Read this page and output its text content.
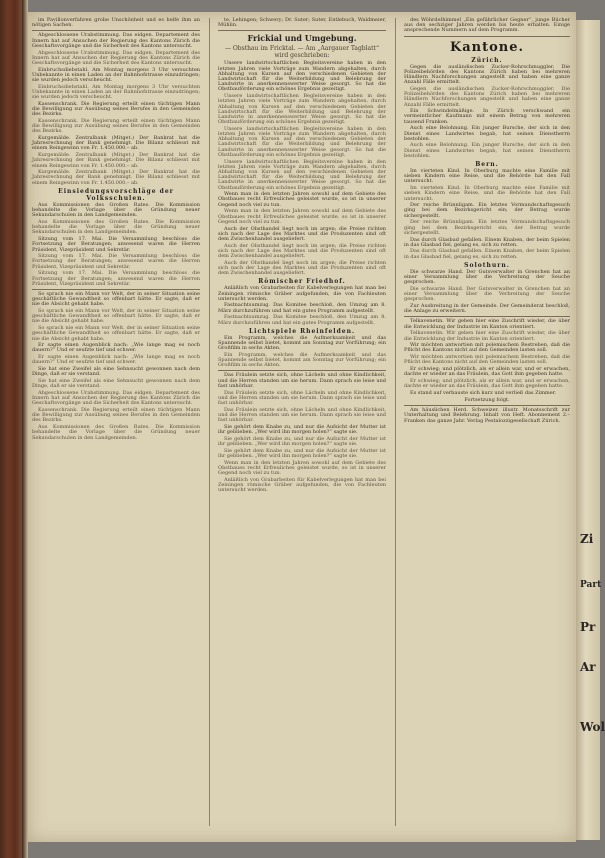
im Pavillonverfahren grobe Unschönheit und es helfe ihm an nötigen Sachen.

Abgeschlossene Urabstimmung. Das eidgen. Departement des Innern hat auf Ansuchen der Regierung des Kantons Zürich die Geschaftsvorgänge und die Sicherheit des Kantons untersucht.

Abgeschlossene Urabstimmung. Das eidgen. Departement des Innern hat auf Ansuchen der Regierung des Kantons Zürich die Geschaftsvorgänge und die Sicherheit des Kantons untersucht.

Einbruchsdiebstahl. Am Montag morgens 3 Uhr versuchten Unbekannte in einen Laden an der Bahnhofstrasse einzudringen; sie wurden jedoch verscheucht.

Einbruchsdiebstahl. Am Montag morgens 3 Uhr versuchten Unbekannte in einen Laden an der Bahnhofstrasse einzudringen; sie wurden jedoch verscheucht.

Kassenschrank. Die Regierung erteilt einen tüchtigen Mann die Bewilligung zur Ausübung seines Berufes in den Gemeinden des Bezirks.

Kassenschrank. Die Regierung erteilt einen tüchtigen Mann die Bewilligung zur Ausübung seines Berufes in den Gemeinden des Bezirks.

Kurgemälde. Zentralbank (Mitget.) Der Bankrat hat die Jahresrechnung der Bank genehmigt. Die Bilanz schliesst mit einem Reingewinn von Fr. 1.450.000.– ab.

Kurgemälde. Zentralbank (Mitget.) Der Bankrat hat die Jahresrechnung der Bank genehmigt. Die Bilanz schliesst mit einem Reingewinn von Fr. 1.450.000.– ab.

Kurgemälde. Zentralbank (Mitget.) Der Bankrat hat die Jahresrechnung der Bank genehmigt. Die Bilanz schliesst mit einem Reingewinn von Fr. 1.450.000.– ab.

Einsiedungsvorschläge der Volksschulen.

Aus Kommissionen des Großen Rates. Die Kommission behandelte die Vorlage über die Gründung neuer Sekundarschulen in den Landgemeinden.

Aus Kommissionen des Großen Rates. Die Kommission behandelte die Vorlage über die Gründung neuer Sekundarschulen in den Landgemeinden.

Sitzung vom 17. Mai. Die Versammlung beschloss die Fortsetzung der Beratungen; anwesend waren die Herren Präsident, Vizepräsident und Sekretär.

Sitzung vom 17. Mai. Die Versammlung beschloss die Fortsetzung der Beratungen; anwesend waren die Herren Präsident, Vizepräsident und Sekretär.

Sitzung vom 17. Mai. Die Versammlung beschloss die Fortsetzung der Beratungen; anwesend waren die Herren Präsident, Vizepräsident und Sekretär.

So sprach nie ein Mann vor Welt, der in seiner Situation seine geschäftliche Gewandtheit so offenbart hätte. Er sagte, daß er nie die Absicht gehabt habe.

So sprach nie ein Mann vor Welt, der in seiner Situation seine geschäftliche Gewandtheit so offenbart hätte. Er sagte, daß er nie die Absicht gehabt habe.

So sprach nie ein Mann vor Welt, der in seiner Situation seine geschäftliche Gewandtheit so offenbart hätte. Er sagte, daß er nie die Absicht gehabt habe.

Er sagte einen Augenblick nach: „Wie lange mag es noch dauern?“ Und er seufzte tief und schwer.

Er sagte einen Augenblick nach: „Wie lange mag es noch dauern?“ Und er seufzte tief und schwer.

Sie hat eine Zweifel als eine Sehnsucht gewonnen nach dem Dinge, daß er sie verstand.

Sie hat eine Zweifel als eine Sehnsucht gewonnen nach dem Dinge, daß er sie verstand.

Abgeschlossene Urabstimmung. Das eidgen. Departement des Innern hat auf Ansuchen der Regierung des Kantons Zürich die Geschaftsvorgänge und die Sicherheit des Kantons untersucht.

Kassenschrank. Die Regierung erteilt einen tüchtigen Mann die Bewilligung zur Ausübung seines Berufes in den Gemeinden des Bezirks.

Aus Kommissionen des Großen Rates. Die Kommission behandelte die Vorlage über die Gründung neuer Sekundarschulen in den Landgemeinden.

te, Lehingen; Schwery; Dr. Suter; Suter, Entlebuch, Waldmeier, Mühlin.

Frickial und Umgebung.
— Obsthau im Fricktal. — Am „Aargauer Tagblatt“ wird geschrieben:

Unsere landwirtschaftlichen Begleitsvereine haben in den letzten Jahren viele Vorträge zum Wandern abgehalten, durch Abhaltung von Kursen auf den verschiedenen Gebieten der Landwirtschaft für die Weiterbildung und Belehrung der Landwirte in anerkennenswerter Weise gesorgt. So hat die Obstbauförderung ein schönes Ergebnis gezeitigt.

Unsere landwirtschaftlichen Begleitsvereine haben in den letzten Jahren viele Vorträge zum Wandern abgehalten, durch Abhaltung von Kursen auf den verschiedenen Gebieten der Landwirtschaft für die Weiterbildung und Belehrung der Landwirte in anerkennenswerter Weise gesorgt. So hat die Obstbauförderung ein schönes Ergebnis gezeitigt.

Unsere landwirtschaftlichen Begleitsvereine haben in den letzten Jahren viele Vorträge zum Wandern abgehalten, durch Abhaltung von Kursen auf den verschiedenen Gebieten der Landwirtschaft für die Weiterbildung und Belehrung der Landwirte in anerkennenswerter Weise gesorgt. So hat die Obstbauförderung ein schönes Ergebnis gezeitigt.

Unsere landwirtschaftlichen Begleitsvereine haben in den letzten Jahren viele Vorträge zum Wandern abgehalten, durch Abhaltung von Kursen auf den verschiedenen Gebieten der Landwirtschaft für die Weiterbildung und Belehrung der Landwirte in anerkennenswerter Weise gesorgt. So hat die Obstbauförderung ein schönes Ergebnis gezeitigt.

Wenn man in den letzten Jahren sowohl auf dem Gebiete des Obstbaues recht Erfreuliches geleistet wurde, so ist in unserer Gegend noch viel zu tun.

Wenn man in den letzten Jahren sowohl auf dem Gebiete des Obstbaues recht Erfreuliches geleistet wurde, so ist in unserer Gegend noch viel zu tun.

Auch der Obsthandel liegt noch im argen; die Preise richten sich nach der Lage des Marktes und die Produzenten sind oft dem Zwischenhandel ausgeliefert.

Auch der Obsthandel liegt noch im argen; die Preise richten sich nach der Lage des Marktes und die Produzenten sind oft dem Zwischenhandel ausgeliefert.

Auch der Obsthandel liegt noch im argen; die Preise richten sich nach der Lage des Marktes und die Produzenten sind oft dem Zwischenhandel ausgeliefert.

Römischer Friedhof.

Anläßlich von Grabarbeiten für Kabelverlegungen hat man bei Zeiningen römische Gräber aufgefunden, die von Fachleuten untersucht werden.

Fastnachtsumzug. Das Komitee beschloß, den Umzug am 8. März durchzuführen und hat ein gutes Programm aufgestellt.

Fastnachtsumzug. Das Komitee beschloß, den Umzug am 8. März durchzuführen und hat ein gutes Programm aufgestellt.

Lichtspiele Rheinfelden.

Ein Programm, welches die Aufmerksamkeit und das Spannende selbst bietet, kommt am Sonntag zur Vorführung; ein Großfilm in sechs Akten.

Ein Programm, welches die Aufmerksamkeit und das Spannende selbst bietet, kommt am Sonntag zur Vorführung; ein Großfilm in sechs Akten.

Das Fräulein setzte sich, ohne Lächeln und ohne Kindlichkeit, und die Herren standen um sie herum. Dann sprach sie leise und fast unhörbar.

Das Fräulein setzte sich, ohne Lächeln und ohne Kindlichkeit, und die Herren standen um sie herum. Dann sprach sie leise und fast unhörbar.

Das Fräulein setzte sich, ohne Lächeln und ohne Kindlichkeit, und die Herren standen um sie herum. Dann sprach sie leise und fast unhörbar.

Sie gehört dem Knabe zu, und nur die Aufsicht der Mutter ist ihr geblieben. „Wer wird ihn morgen holen?“ sagte sie.

Sie gehört dem Knabe zu, und nur die Aufsicht der Mutter ist ihr geblieben. „Wer wird ihn morgen holen?“ sagte sie.

Sie gehört dem Knabe zu, und nur die Aufsicht der Mutter ist ihr geblieben. „Wer wird ihn morgen holen?“ sagte sie.

Wenn man in den letzten Jahren sowohl auf dem Gebiete des Obstbaues recht Erfreuliches geleistet wurde, so ist in unserer Gegend noch viel zu tun.

Anläßlich von Grabarbeiten für Kabelverlegungen hat man bei Zeiningen römische Gräber aufgefunden, die von Fachleuten untersucht werden.

des Wöhrdelhimmel „Ein gefährlicher Gegner“, junge Bücher aus den sechziger Jahren werden bis heute erhalten. Einige ansprechende Nummern auf dem Programm.

Kantone.
Zürich.

Gegen die ausländischen Zucker-Rohrschmuggler. Die Polizeibehörden des Kantons Zürich haben bei mehreren Händlern Nachforschungen angestellt und haben eine ganze Anzahl Fälle ermittelt.

Gegen die ausländischen Zucker-Rohrschmuggler. Die Polizeibehörden des Kantons Zürich haben bei mehreren Händlern Nachforschungen angestellt und haben eine ganze Anzahl Fälle ermittelt.

Ein Schwindelmäßige. In Zürich verschwand ein vermeintlicher Kaufmann mit einem Betrag von mehreren tausend Franken.

Auch eine Belohnung. Ein junger Bursche, der sich in den Dienst eines Landwirtes begab, hat seinen Dienstherrn bestohlen.

Auch eine Belohnung. Ein junger Bursche, der sich in den Dienst eines Landwirtes begab, hat seinen Dienstherrn bestohlen.

Bern.

Im vierteten Kind. In Oberburg machte eine Familie mit sieben Kindern eine Reise, und die Behörde hat den Fall untersucht.

Im vierteten Kind. In Oberburg machte eine Familie mit sieben Kindern eine Reise, und die Behörde hat den Fall untersucht.

Der reiche Brünnligam. Ein letztes Vormundschaftsgesuch ging bei dem Bezirksgericht ein; der Betrag wurde sichergestellt.

Der reiche Brünnligam. Ein letztes Vormundschaftsgesuch ging bei dem Bezirksgericht ein; der Betrag wurde sichergestellt.

Das durch Glasbad gefallen. Einem Knaben, der beim Spielen in das Glasbad fiel, gelang es, sich zu retten.

Das durch Glasbad gefallen. Einem Knaben, der beim Spielen in das Glasbad fiel, gelang es, sich zu retten.

Solothurn.

Die schwarze Hand. Der Gutsverwalter in Grenchen hat an einer Versammlung über die Verbreitung der Seuche gesprochen.

Die schwarze Hand. Der Gutsverwalter in Grenchen hat an einer Versammlung über die Verbreitung der Seuche gesprochen.

Zur Ausbreitung in der Gemeinde. Der Gemeinderat beschloß, die Anlage zu erweitern.

Telkavenetin. Wir geben hier eine Zuschrift wieder, die über die Entwicklung der Industrie im Kanton orientiert.

Telkavenetin. Wir geben hier eine Zuschrift wieder, die über die Entwicklung der Industrie im Kanton orientiert.

Wir möchten antwortien mit polemischem Bestreben, daß die Pflicht des Kantons nicht auf den Gemeinden lasten soll.

Wir möchten antwortien mit polemischem Bestreben, daß die Pflicht des Kantons nicht auf den Gemeinden lasten soll.

Er schwieg; und plötzlich, als er allein war, und er erwachen, dachte er wieder an das Fräulein, das Gott ihm gegeben hatte.

Er schwieg; und plötzlich, als er allein war, und er erwachen, dachte er wieder an das Fräulein, das Gott ihm gegeben hatte.

Es stand auf verbauste sich kurz und verließ das Zimmer.

Fortsetzung folgt.

Am häuslichen Herd. Schweizer. illustr. Monatsschrift zur Unterhaltung und Belehrung. Inhalt von Heft. Abonnement 2.– Franken das ganze Jahr. Verlag Pestalozzigesellschaft Zürich.

Zi
Part
Pr
Ar
Wol
